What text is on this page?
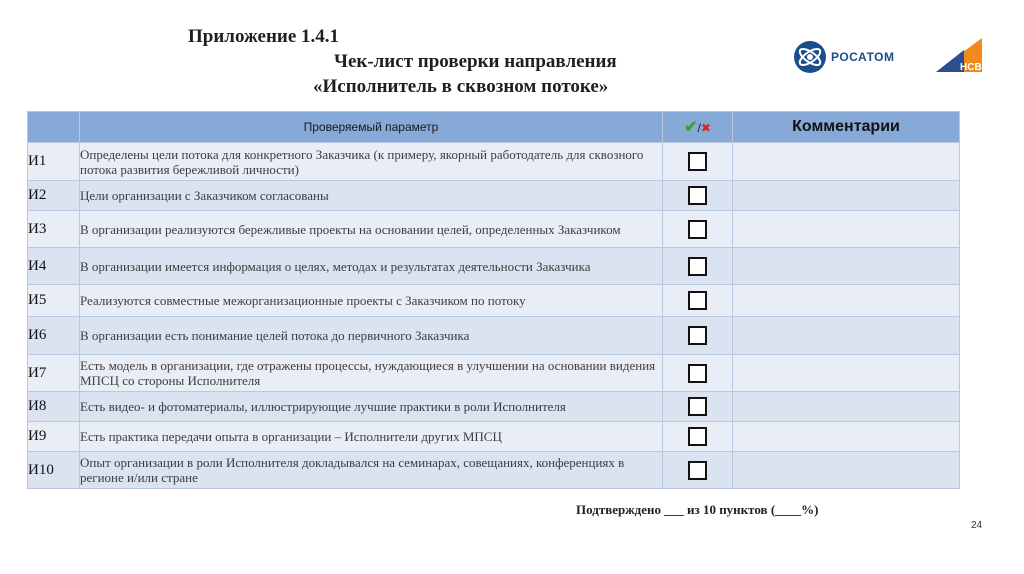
Приложение 1.4.1
Чек-лист проверки направления
«Исполнитель в сквозном потоке»
РОСАТОМ
НСВ
	Проверяемый параметр	✔/✖	Комментарии
И1	Определены цели потока для конкретного Заказчика (к примеру, якорный работодатель для сквозного потока развития бережливой личности)		
И2	Цели организации с Заказчиком согласованы		
И3	В организации реализуются бережливые проекты на основании целей, определенных Заказчиком		
И4	В организации имеется информация о целях, методах и результатах деятельности Заказчика		
И5	Реализуются совместные межорганизационные проекты с Заказчиком по потоку		
И6	В организации есть понимание целей потока до первичного Заказчика		
И7	Есть модель в организации, где отражены процессы, нуждающиеся в улучшении на основании видения МПСЦ со стороны Исполнителя		
И8	Есть видео- и фотоматериалы, иллюстрирующие лучшие практики в роли Исполнителя		
И9	Есть практика передачи опыта в организации – Исполнители других МПСЦ		
И10	Опыт организации в роли Исполнителя докладывался на семинарах, совещаниях, конференциях в регионе и/или стране		
Подтверждено ___ из 10 пунктов (____%)
24
